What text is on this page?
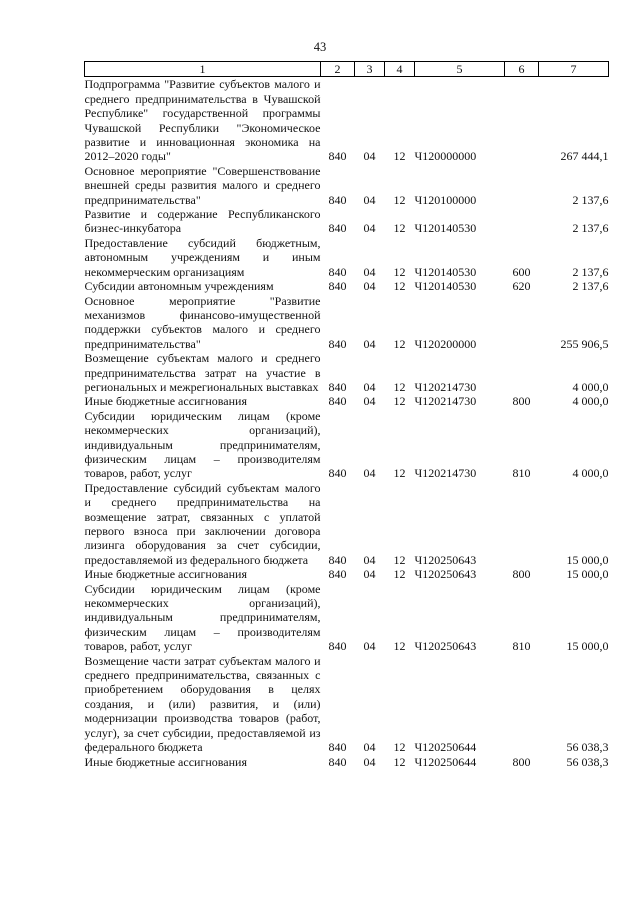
43
1	2	3	4	5	6	7
Подпрограмма "Развитие субъектов малого и среднего предпринимательства в Чувашской Республике" государственной программы Чувашской Республики "Экономическое развитие и инновационная экономика на 2012–2020 годы"	840	04	12	Ч120000000		267 444,1
Основное мероприятие "Совершенствование внешней среды развития малого и среднего предпринимательства"	840	04	12	Ч120100000		2 137,6
Развитие и содержание Республиканского бизнес-инкубатора	840	04	12	Ч120140530		2 137,6
Предоставление субсидий бюджетным, автономным учреждениям и иным некоммерческим организациям	840	04	12	Ч120140530	600	2 137,6
Субсидии автономным учреждениям	840	04	12	Ч120140530	620	2 137,6
Основное мероприятие "Развитие механизмов финансово-имущественной поддержки субъектов малого и среднего предпринимательства"	840	04	12	Ч120200000		255 906,5
Возмещение субъектам малого и среднего предпринимательства затрат на участие в региональных и межрегиональных выставках	840	04	12	Ч120214730		4 000,0
Иные бюджетные ассигнования	840	04	12	Ч120214730	800	4 000,0
Субсидии юридическим лицам (кроме некоммерческих организаций), индивидуальным предпринимателям, физическим лицам – производителям товаров, работ, услуг	840	04	12	Ч120214730	810	4 000,0
Предоставление субсидий субъектам малого и среднего предпринимательства на возмещение затрат, связанных с уплатой первого взноса при заключении договора лизинга оборудования за счет субсидии, предоставляемой из федерального бюджета	840	04	12	Ч120250643		15 000,0
Иные бюджетные ассигнования	840	04	12	Ч120250643	800	15 000,0
Субсидии юридическим лицам (кроме некоммерческих организаций), индивидуальным предпринимателям, физическим лицам – производителям товаров, работ, услуг	840	04	12	Ч120250643	810	15 000,0
Возмещение части затрат субъектам малого и среднего предпринимательства, связанных с приобретением оборудования в целях создания, и (или) развития, и (или) модернизации производства товаров (работ, услуг), за счет субсидии, предоставляемой из федерального бюджета	840	04	12	Ч120250644		56 038,3
Иные бюджетные ассигнования	840	04	12	Ч120250644	800	56 038,3
